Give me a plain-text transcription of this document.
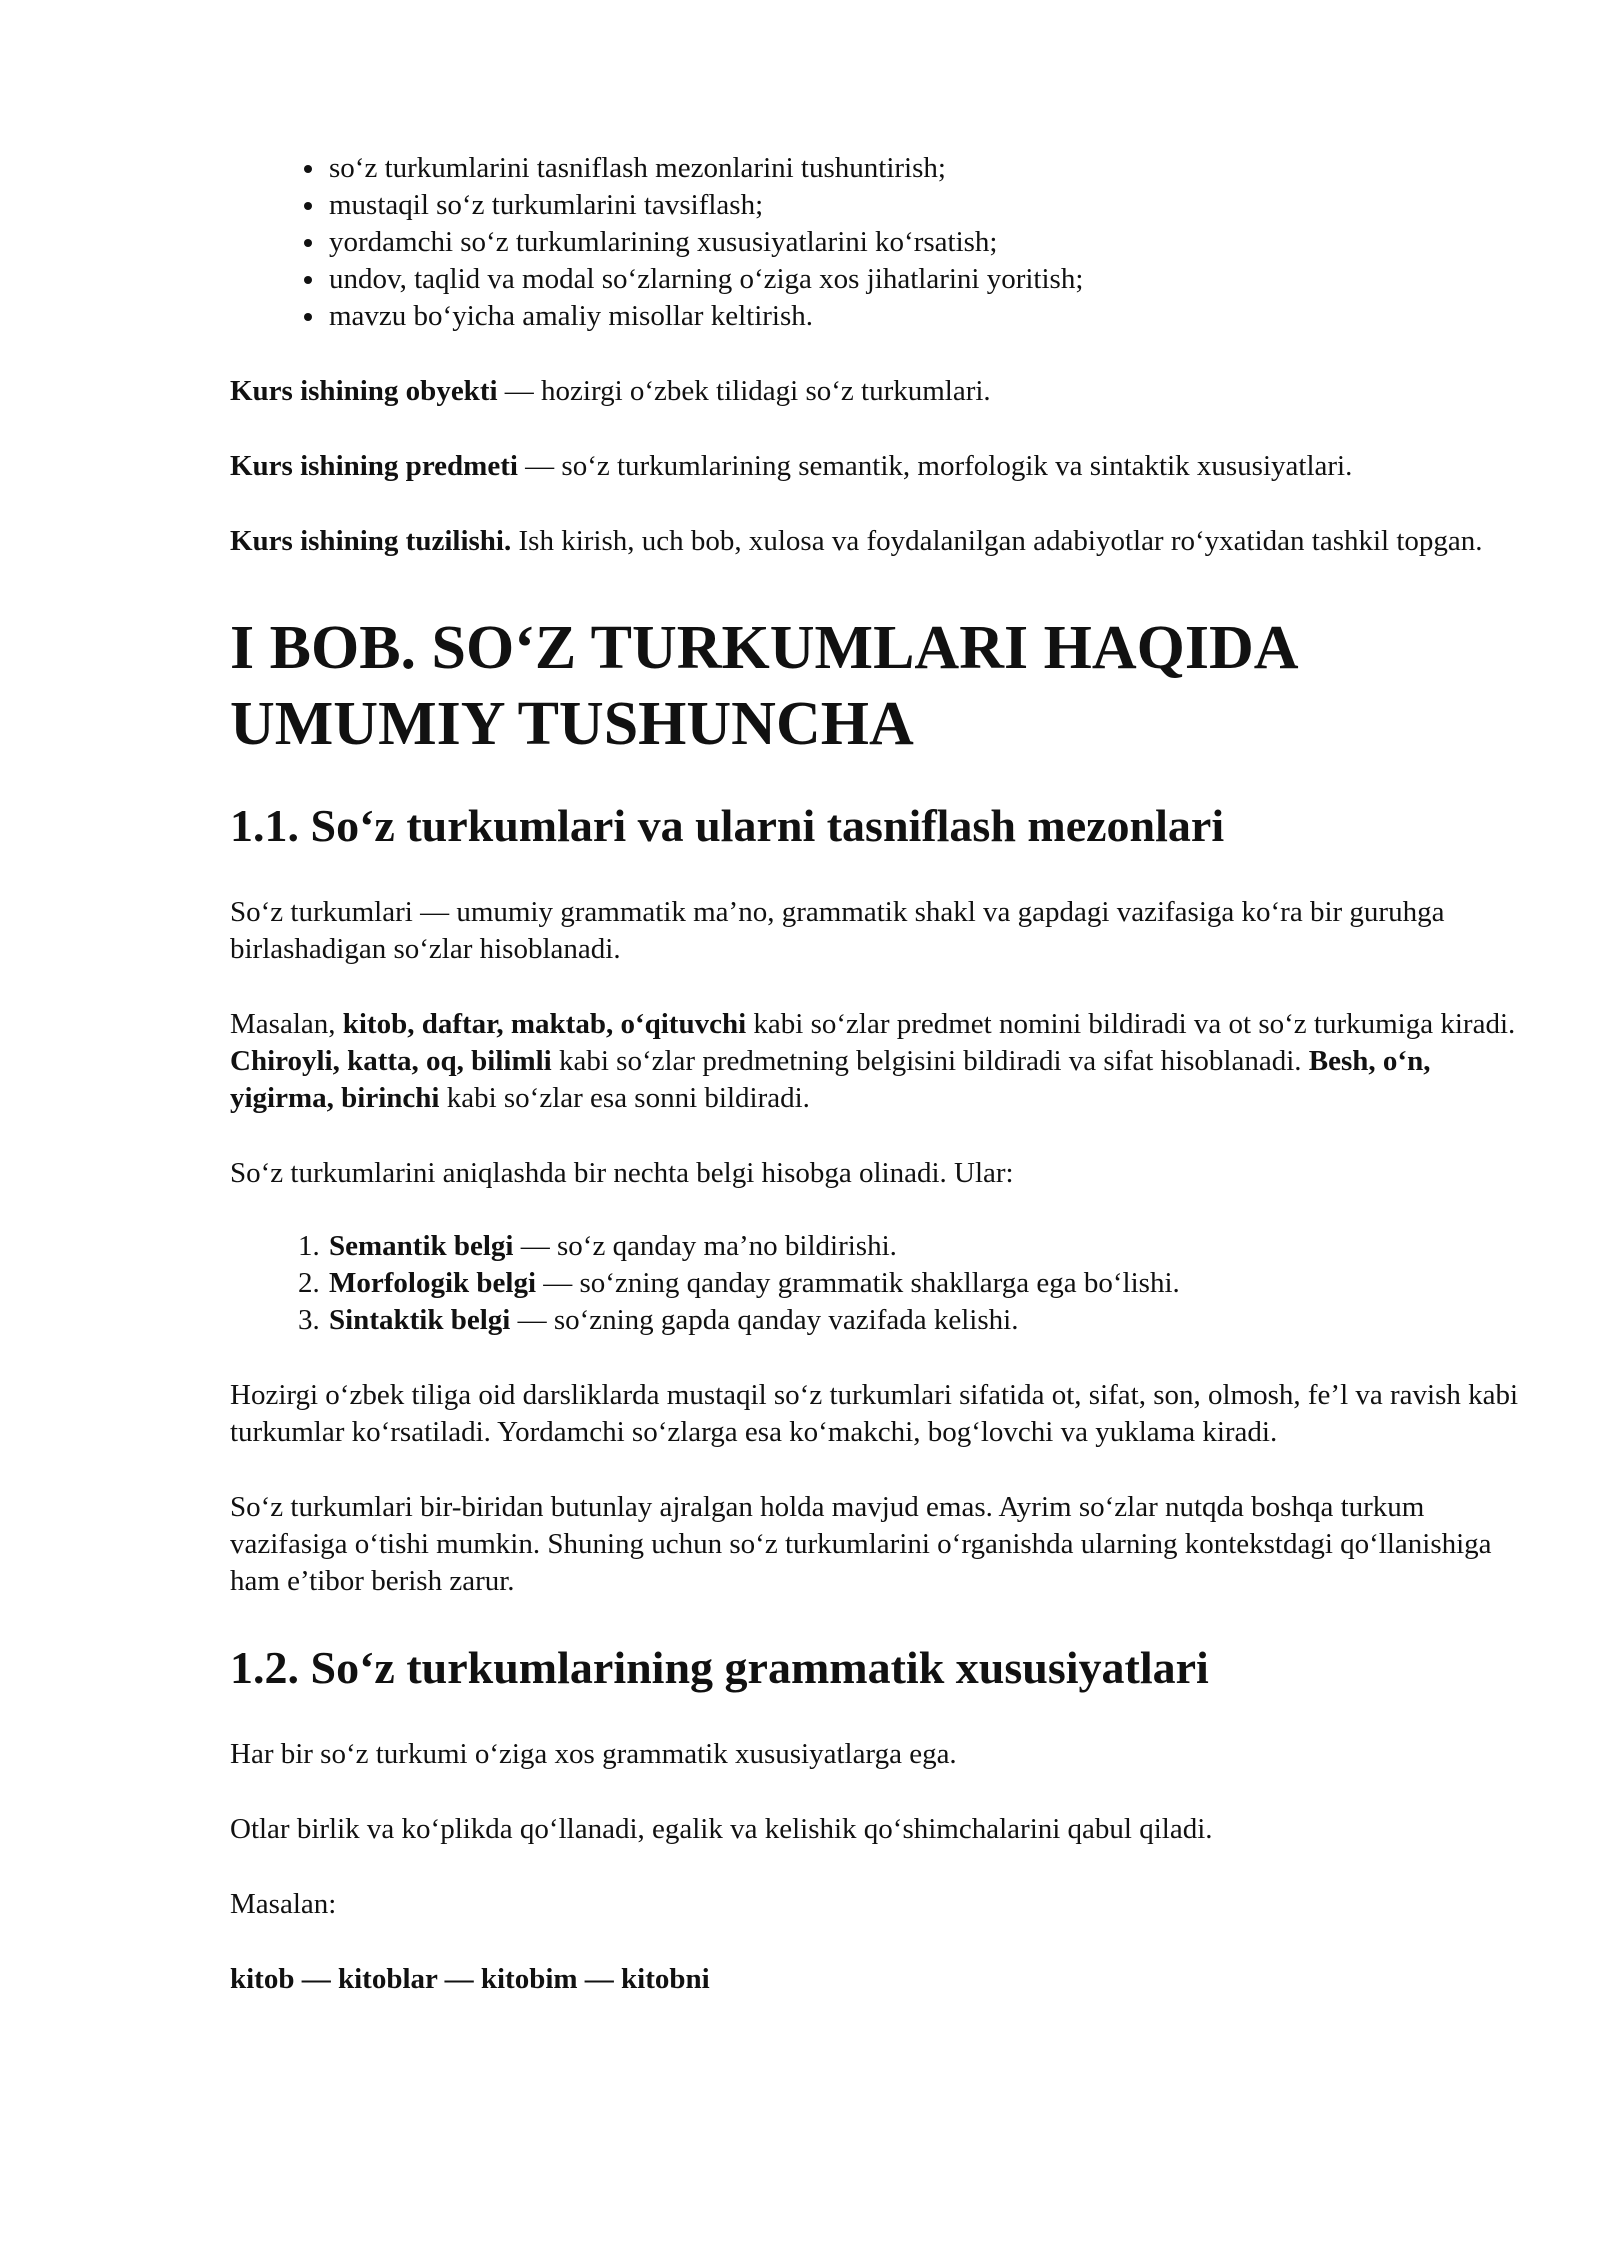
• so‘z turkumlarini tasniflash mezonlarini tushuntirish;
• mustaqil so‘z turkumlarini tavsiflash;
• yordamchi so‘z turkumlarining xususiyatlarini ko‘rsatish;
• undov, taqlid va modal so‘zlarning o‘ziga xos jihatlarini yoritish;
• mavzu bo‘yicha amaliy misollar keltirish.

Kurs ishining obyekti — hozirgi o‘zbek tilidagi so‘z turkumlari.

Kurs ishining predmeti — so‘z turkumlarining semantik, morfologik va sintaktik xususiyatlari.

Kurs ishining tuzilishi. Ish kirish, uch bob, xulosa va foydalanilgan adabiyotlar ro‘yxatidan tashkil topgan.

I BOB. SO‘Z TURKUMLARI HAQIDA UMUMIY TUSHUNCHA
1.1. So‘z turkumlari va ularni tasniflash mezonlari

So‘z turkumlari — umumiy grammatik ma’no, grammatik shakl va gapdagi vazifasiga ko‘ra bir guruhga birlashadigan so‘zlar hisoblanadi.

Masalan, kitob, daftar, maktab, o‘qituvchi kabi so‘zlar predmet nomini bildiradi va ot so‘z turkumiga kiradi. Chiroyli, katta, oq, bilimli kabi so‘zlar predmetning belgisini bildiradi va sifat hisoblanadi. Besh, o‘n, yigirma, birinchi kabi so‘zlar esa sonni bildiradi.

So‘z turkumlarini aniqlashda bir nechta belgi hisobga olinadi. Ular:

1. Semantik belgi — so‘z qanday ma’no bildirishi.
2. Morfologik belgi — so‘zning qanday grammatik shakllarga ega bo‘lishi.
3. Sintaktik belgi — so‘zning gapda qanday vazifada kelishi.

Hozirgi o‘zbek tiliga oid darsliklarda mustaqil so‘z turkumlari sifatida ot, sifat, son, olmosh, fe’l va ravish kabi turkumlar ko‘rsatiladi. Yordamchi so‘zlarga esa ko‘makchi, bog‘lovchi va yuklama kiradi.

So‘z turkumlari bir-biridan butunlay ajralgan holda mavjud emas. Ayrim so‘zlar nutqda boshqa turkum vazifasiga o‘tishi mumkin. Shuning uchun so‘z turkumlarini o‘rganishda ularning kontekstdagi qo‘llanishiga ham e’tibor berish zarur.

1.2. So‘z turkumlarining grammatik xususiyatlari

Har bir so‘z turkumi o‘ziga xos grammatik xususiyatlarga ega.

Otlar birlik va ko‘plikda qo‘llanadi, egalik va kelishik qo‘shimchalarini qabul qiladi.

Masalan:

kitob — kitoblar — kitobim — kitobni
